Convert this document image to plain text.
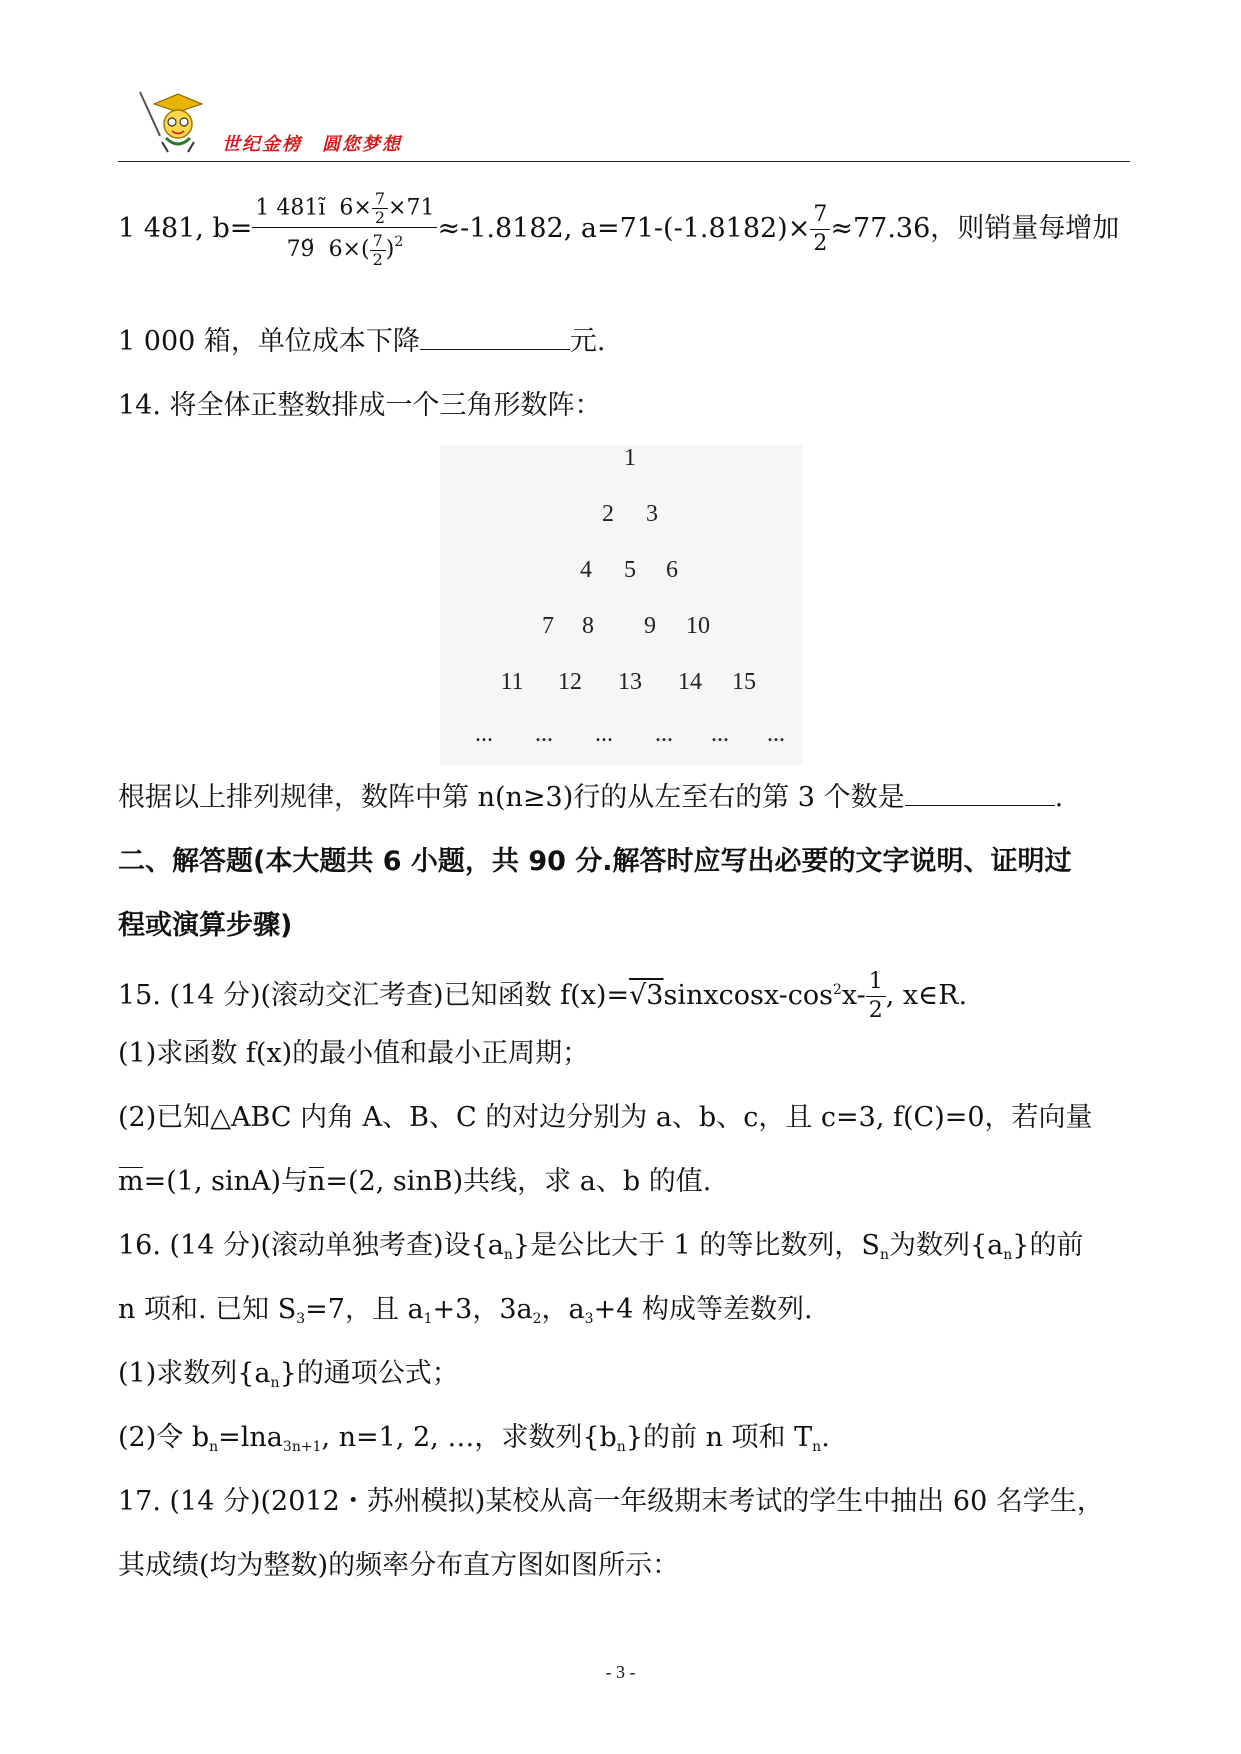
世纪金榜　圆您梦想
1 481, $b= \frac{1 481ĩ 6\times \frac{7}{2} \times 71}{79 6\times( \frac{7}{2} )^2} \approx-1.8182$, $a=71-(-1.8182)\times \frac{7}{2} \approx 77.36$，则销量每增加
1 000 箱，单位成本下降	元.
14. 将全体正整数排成一个三角形数阵：
1
2 3
4 5 6
7 8 9 10
11 12 13 14 15
... ... ... ... ... ...
根据以上排列规律，数阵中第 n(n≥3)行的从左至右的第 3 个数是	.
二、解答题(本大题共 6 小题，共 90 分.解答时应写出必要的文字说明、证明过
程或演算步骤)
15. (14 分)(滚动交汇考查)已知函数 $f(x)=√3sinxcosx-\cos^2x- \frac{1}{2}$ , x∈R.
(1)求函数 f(x)的最小值和最小正周期；
(2)已知△ABC 内角 A、B、C 的对边分别为 a、b、c，且 c=3, f(C)=0，若向量
m=(1, sinA)与n=(2, sinB)共线，求 a、b 的值.
16. (14 分)(滚动单独考查)设$\{a_n\}$是公比大于 1 的等比数列，$S_n$为数列$\{a_n\}$的前
n 项和. 已知 $S_3=7$，且 $a_1+3$，$3a_2$，$a_3+4$ 构成等差数列.
(1)求数列$\{a_n\}$的通项公式；
(2)令 $b_n=\ln a_{3n+1}$, n=1, 2, …，求数列$\{b_n\}$的前 n 项和 $T_n$.
17. (14 分)(2012・苏州模拟)某校从高一年级期末考试的学生中抽出 60 名学生，
其成绩(均为整数)的频率分布直方图如图所示：
- 3 -
